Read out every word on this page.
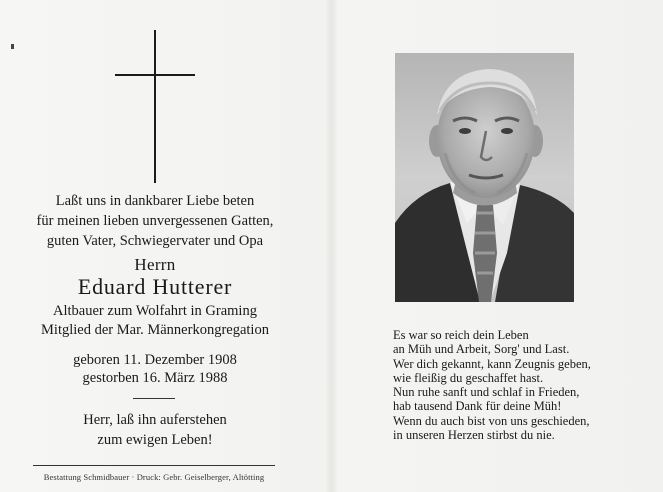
Laßt uns in dankbarer Liebe beten
für meinen lieben unvergessenen Gatten,
guten Vater, Schwiegervater und Opa
Herrn
Eduard Hutterer
Altbauer zum Wolfahrt in Graming
Mitglied der Mar. Männerkongregation
geboren 11. Dezember 1908
gestorben 16. März 1988
Herr, laß ihn auferstehen
zum ewigen Leben!
Bestattung Schmidbauer · Druck: Gebr. Geiselberger, Altötting
Es war so reich dein Leben
an Müh und Arbeit, Sorg' und Last.
Wer dich gekannt, kann Zeugnis geben,
wie fleißig du geschaffet hast.
Nun ruhe sanft und schlaf in Frieden,
hab tausend Dank für deine Müh!
Wenn du auch bist von uns geschieden,
in unseren Herzen stirbst du nie.
